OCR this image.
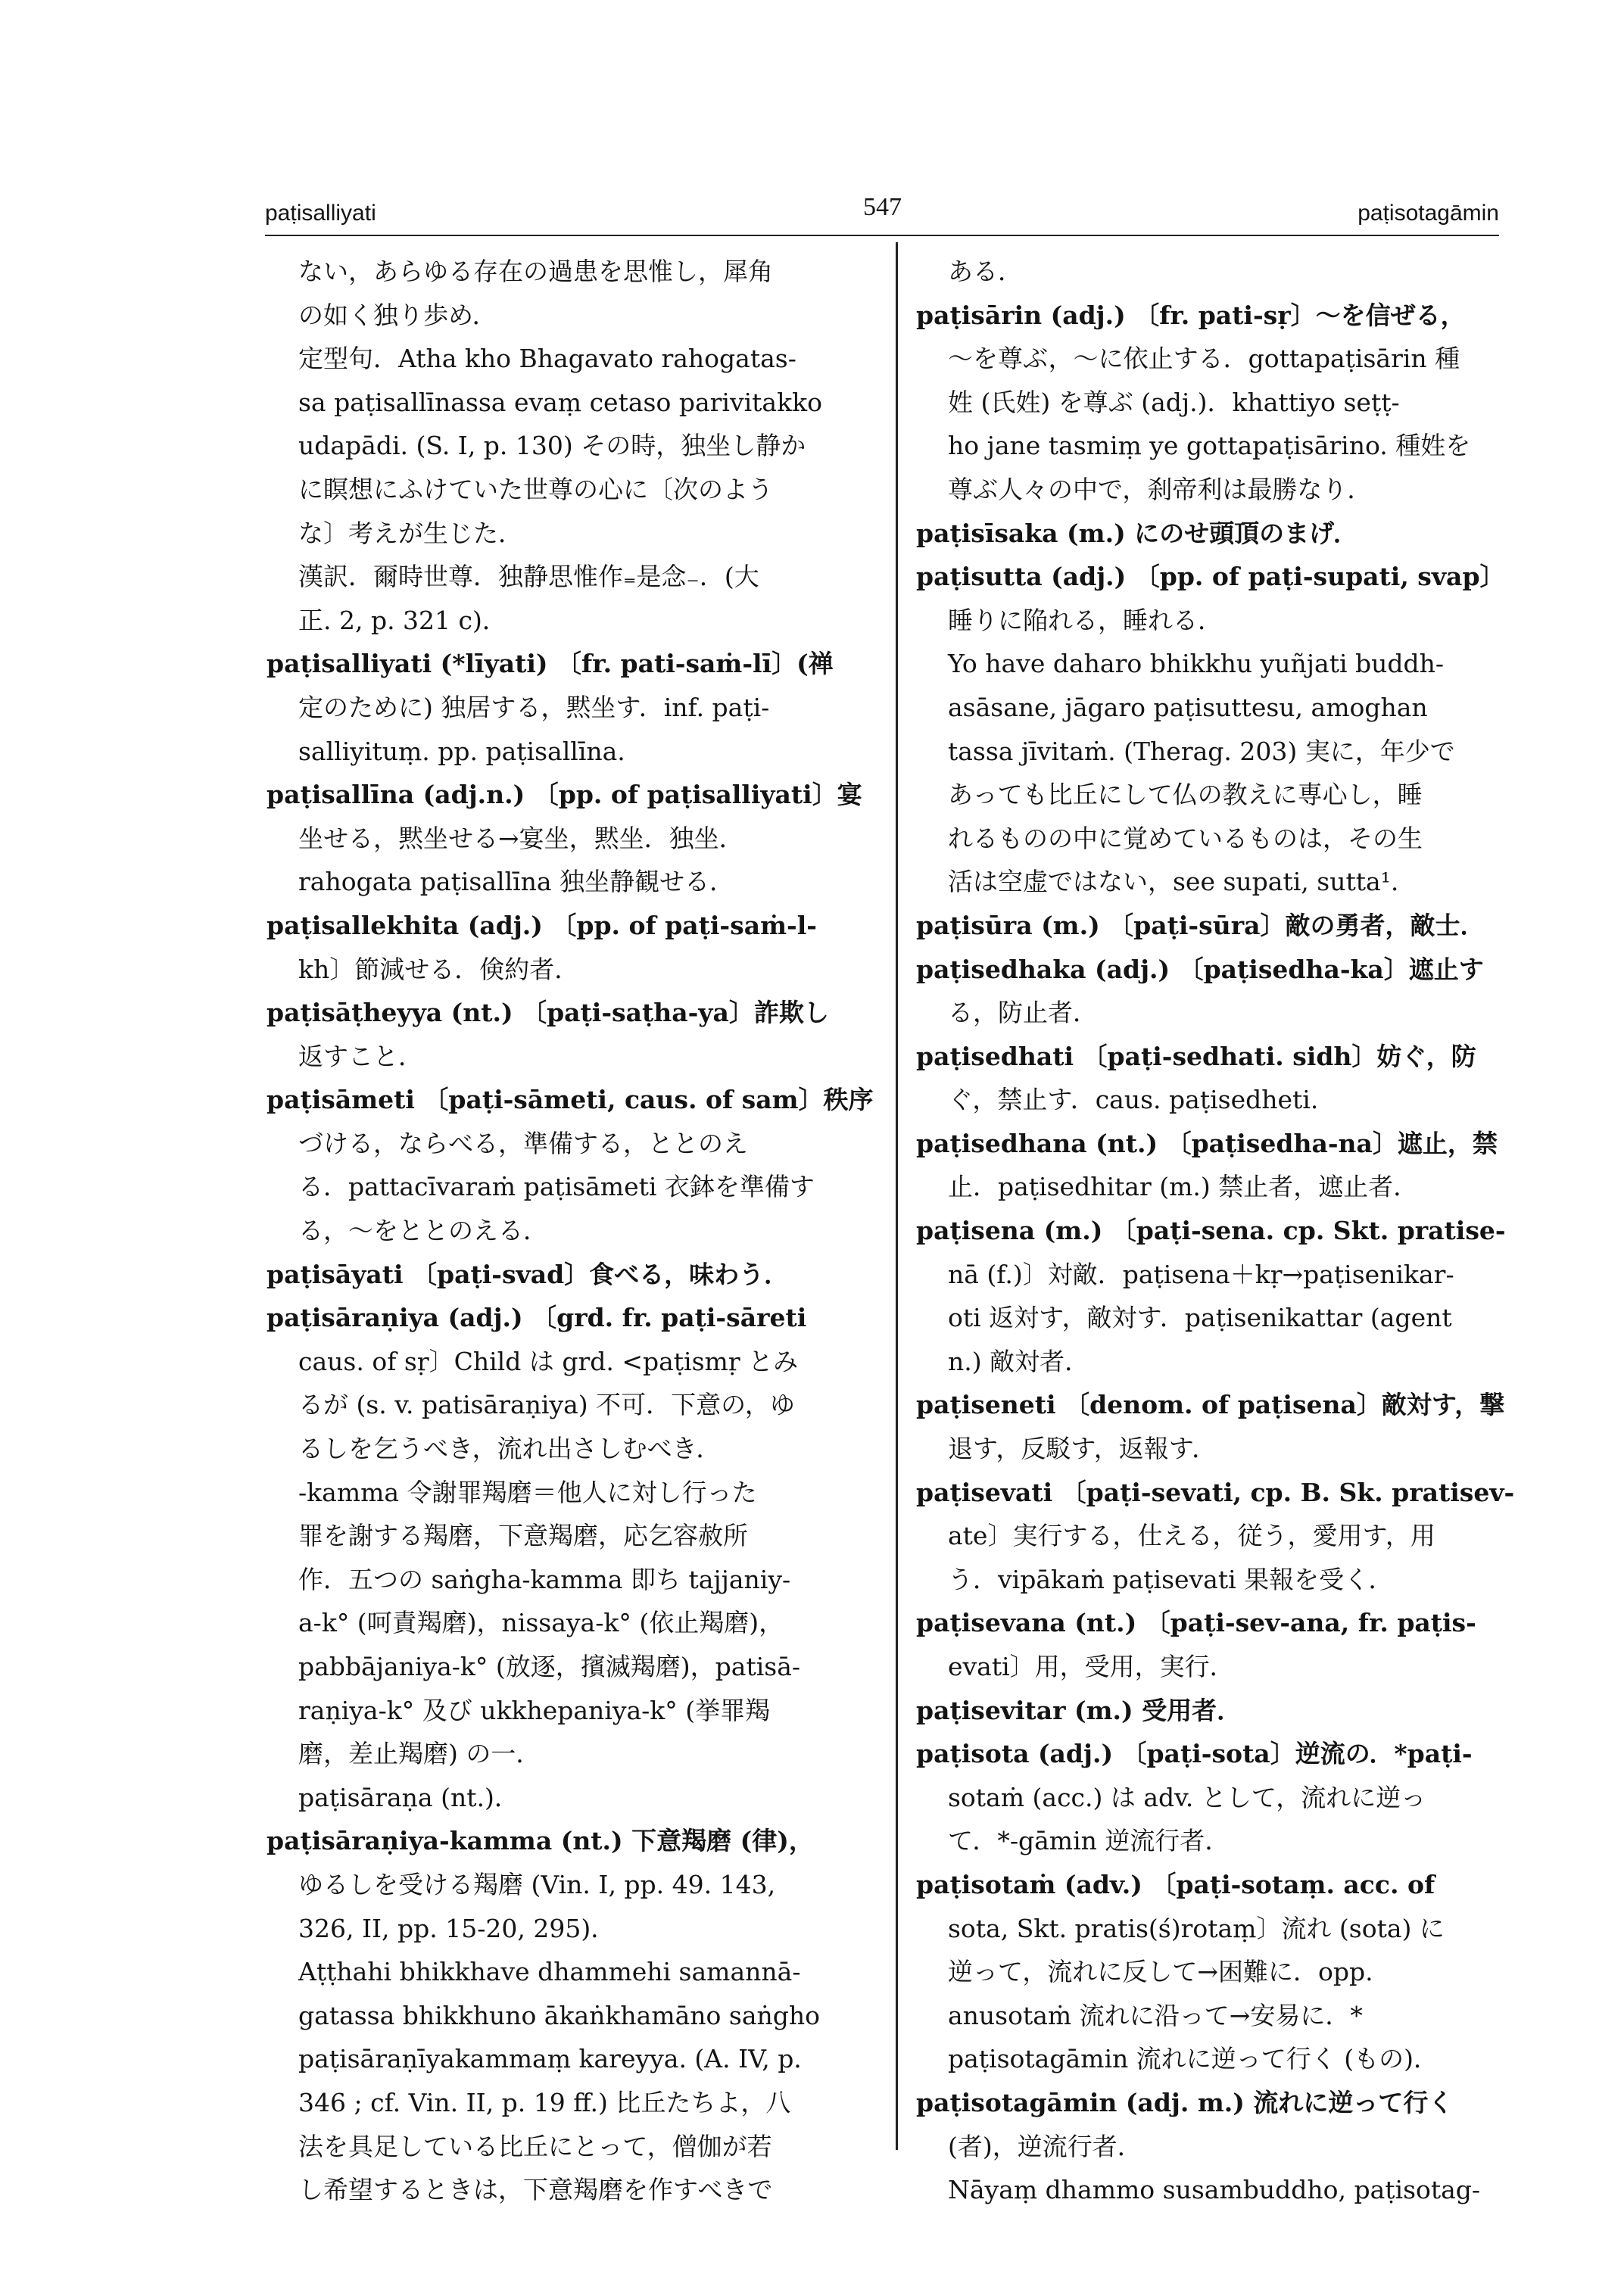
paṭisalliyati	547	paṭisotagāmin
ない，あらゆる存在の過患を思惟し，犀角
の如く独り歩め．
定型句．Atha kho Bhagavato rahogatas-
sa paṭisallīnassa evaṃ cetaso parivitakko
udapādi. (S. I, p. 130) その時，独坐し静か
に瞑想にふけていた世尊の心に〔次のよう
な〕考えが生じた．
漢訳．爾時世尊．独静思惟作₌是念₋．(大
正. 2, p. 321 c)．
paṭisalliyati (*līyati) 〔fr. pati-saṁ-lī〕(禅
定のために) 独居する，黙坐す．inf. paṭi-
salliyituṃ. pp. paṭisallīna.
paṭisallīna (adj.n.) 〔pp. of paṭisalliyati〕宴
坐せる，黙坐せる→宴坐，黙坐．独坐．
rahogata paṭisallīna 独坐静観せる．
paṭisallekhita (adj.) 〔pp. of paṭi-saṁ-l-
kh〕節減せる．倹約者．
paṭisāṭheyya (nt.) 〔paṭi-saṭha-ya〕詐欺し
返すこと．
paṭisāmeti 〔paṭi-sāmeti, caus. of sam〕秩序
づける，ならべる，準備する，ととのえ
る．pattacīvaraṁ paṭisāmeti 衣鉢を準備す
る，～をととのえる．
paṭisāyati 〔paṭi-svad〕食べる，味わう．
paṭisāraṇiya (adj.) 〔grd. fr. paṭi-sāreti
caus. of sṛ〕Child は grd. <paṭismṛ とみ
るが (s. v. patisāraṇiya) 不可．下意の，ゆ
るしを乞うべき，流れ出さしむべき．
-kamma 令謝罪羯磨＝他人に対し行った
罪を謝する羯磨，下意羯磨，応乞容赦所
作．五つの saṅgha-kamma 即ち tajjaniy-
a-k° (呵責羯磨)，nissaya-k° (依止羯磨)，
pabbājaniya-k° (放逐，擯滅羯磨)，patisā-
raṇiya-k° 及び ukkhepaniya-k° (挙罪羯
磨，差止羯磨) の一．
paṭisāraṇa (nt.)．
paṭisāraṇiya-kamma (nt.) 下意羯磨 (律)，
ゆるしを受ける羯磨 (Vin. I, pp. 49. 143,
326, II, pp. 15-20, 295)．
Aṭṭhahi bhikkhave dhammehi samannā-
gatassa bhikkhuno ākaṅkhamāno saṅgho
paṭisāraṇīyakammaṃ kareyya. (A. IV, p.
346 ; cf. Vin. II, p. 19 ff.) 比丘たちよ，八
法を具足している比丘にとって，僧伽が若
し希望するときは，下意羯磨を作すべきで
ある．
paṭisārin (adj.) 〔fr. pati-sṛ〕～を信ぜる，
～を尊ぶ，～に依止する．gottapaṭisārin 種
姓 (氏姓) を尊ぶ (adj.)．khattiyo seṭṭ-
ho jane tasmiṃ ye gottapaṭisārino. 種姓を
尊ぶ人々の中で，刹帝利は最勝なり．
paṭisīsaka (m.) にのせ頭頂のまげ．
paṭisutta (adj.) 〔pp. of paṭi-supati, svap〕
睡りに陥れる，睡れる．
Yo have daharo bhikkhu yuñjati buddh-
asāsane, jāgaro paṭisuttesu, amoghan
tassa jīvitaṁ. (Therag. 203) 実に，年少で
あっても比丘にして仏の教えに専心し，睡
れるものの中に覚めているものは，その生
活は空虚ではない，see supati, sutta¹.
paṭisūra (m.) 〔paṭi-sūra〕敵の勇者，敵士．
paṭisedhaka (adj.) 〔paṭisedha-ka〕遮止す
る，防止者．
paṭisedhati 〔paṭi-sedhati. sidh〕妨ぐ，防
ぐ，禁止す．caus. paṭisedheti.
paṭisedhana (nt.) 〔paṭisedha-na〕遮止，禁
止．paṭisedhitar (m.) 禁止者，遮止者．
paṭisena (m.) 〔paṭi-sena. cp. Skt. pratise-
nā (f.)〕対敵．paṭisena＋kṛ→paṭisenikar-
oti 返対す，敵対す．paṭisenikattar (agent
n.) 敵対者．
paṭiseneti 〔denom. of paṭisena〕敵対す，撃
退す，反駁す，返報す．
paṭisevati 〔paṭi-sevati, cp. B. Sk. pratisev-
ate〕実行する，仕える，従う，愛用す，用
う．vipākaṁ paṭisevati 果報を受く．
paṭisevana (nt.) 〔paṭi-sev-ana, fr. paṭis-
evati〕用，受用，実行．
paṭisevitar (m.) 受用者．
paṭisota (adj.) 〔paṭi-sota〕逆流の．*paṭi-
sotaṁ (acc.) は adv. として，流れに逆っ
て．*-gāmin 逆流行者．
paṭisotaṁ (adv.) 〔paṭi-sotaṃ. acc. of
sota, Skt. pratis(ś)rotaṃ〕流れ (sota) に
逆って，流れに反して→困難に．opp.
anusotaṁ 流れに沿って→安易に．*
paṭisotagāmin 流れに逆って行く (もの)．
paṭisotagāmin (adj. m.) 流れに逆って行く
(者)，逆流行者．
Nāyaṃ dhammo susambuddho, paṭisotag-
